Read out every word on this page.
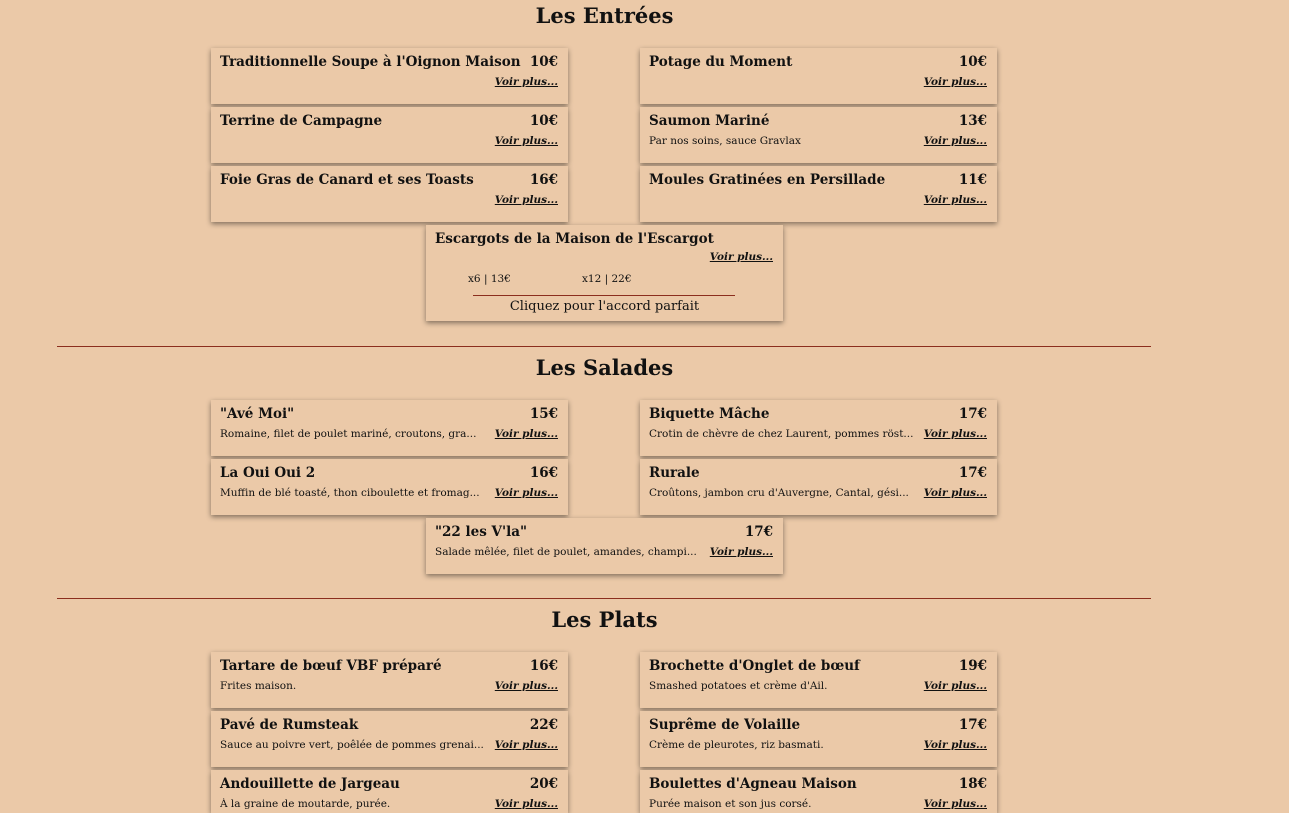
Les Entrées
Traditionnelle Soupe à l'Oignon Maison 10€
Voir plus...
Potage du Moment	10€
Voir plus...
Terrine de Campagne	10€
Voir plus...
Saumon Mariné	13€
Par nos soins, sauce Gravlax	Voir plus...
Foie Gras de Canard et ses Toasts	16€
Voir plus...
Moules Gratinées en Persillade	11€
Voir plus...
Escargots de la Maison de l'Escargot
Voir plus...
x6 | 13€	x12 | 22€
Cliquez pour l'accord parfait
Les Salades
"Avé Moi"	15€
Romaine, filet de poulet mariné, croutons, gra... Voir plus...
Biquette Mâche	17€
Crotin de chèvre de chez Laurent, pommes röst... Voir plus...
La Oui Oui 2	16€
Muffin de blé toasté, thon ciboulette et fromag... Voir plus...
Rurale	17€
Croûtons, jambon cru d'Auvergne, Cantal, gési... Voir plus...
"22 les V'la"	17€
Salade mêlée, filet de poulet, amandes, champi... Voir plus...
Les Plats
Tartare de bœuf VBF préparé	16€
Frites maison.	Voir plus...
Brochette d'Onglet de bœuf	19€
Smashed potatoes et crème d'Ail.	Voir plus...
Pavé de Rumsteak	22€
Sauce au poivre vert, poêlée de pommes grenai... Voir plus...
Suprême de Volaille	17€
Crème de pleurotes, riz basmati.	Voir plus...
Andouillette de Jargeau	20€
À la graine de moutarde, purée.	Voir plus...
Boulettes d'Agneau Maison	18€
Purée maison et son jus corsé.	Voir plus...
